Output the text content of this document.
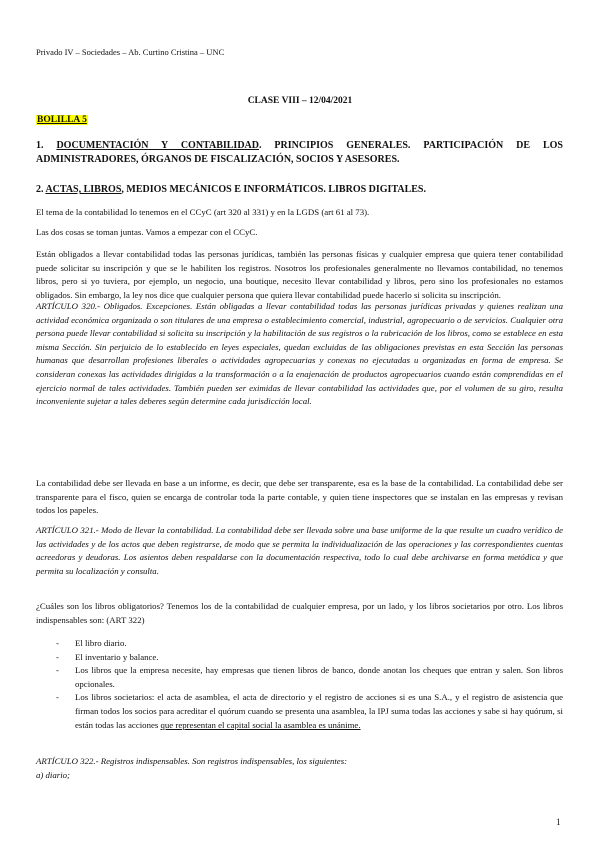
Privado IV – Sociedades – Ab. Curtino Cristina – UNC
CLASE VIII – 12/04/2021
BOLILLA 5
1. DOCUMENTACIÓN Y CONTABILIDAD. PRINCIPIOS GENERALES. PARTICIPACIÓN DE LOS ADMINISTRADORES, ÓRGANOS DE FISCALIZACIÓN, SOCIOS Y ASESORES.
2. ACTAS, LIBROS, MEDIOS MECÁNICOS E INFORMÁTICOS. LIBROS DIGITALES.
El tema de la contabilidad lo tenemos en el CCyC (art 320 al 331) y en la LGDS (art 61 al 73).
Las dos cosas se toman juntas. Vamos a empezar con el CCyC.
Están obligados a llevar contabilidad todas las personas jurídicas, también las personas físicas y cualquier empresa que quiera tener contabilidad puede solicitar su inscripción y que se le habiliten los registros. Nosotros los profesionales generalmente no llevamos contabilidad, no tenemos libros, pero si yo tuviera, por ejemplo, un negocio, una boutique, necesito llevar contabilidad y libros, pero sino los profesionales no estamos obligados. Sin embargo, la ley nos dice que cualquier persona que quiera llevar contabilidad puede hacerlo si solicita su inscripción.
ARTÍCULO 320.- Obligados. Excepciones. Están obligadas a llevar contabilidad todas las personas jurídicas privadas y quienes realizan una actividad económica organizada o son titulares de una empresa o establecimiento comercial, industrial, agropecuario o de servicios. Cualquier otra persona puede llevar contabilidad si solicita su inscripción y la habilitación de sus registros o la rubricación de los libros, como se establece en esta misma Sección. Sin perjuicio de lo establecido en leyes especiales, quedan excluidas de las obligaciones previstas en esta Sección las personas humanas que desarrollan profesiones liberales o actividades agropecuarias y conexas no ejecutadas u organizadas en forma de empresa. Se consideran conexas las actividades dirigidas a la transformación o a la enajenación de productos agropecuarios cuando están comprendidas en el ejercicio normal de tales actividades. También pueden ser eximidas de llevar contabilidad las actividades que, por el volumen de su giro, resulta inconveniente sujetar a tales deberes según determine cada jurisdicción local.
La contabilidad debe ser llevada en base a un informe, es decir, que debe ser transparente, esa es la base de la contabilidad. La contabilidad debe ser transparente para el fisco, quien se encarga de controlar toda la parte contable, y quien tiene inspectores que se instalan en las empresas y revisan todos los papeles.
ARTÍCULO 321.- Modo de llevar la contabilidad. La contabilidad debe ser llevada sobre una base uniforme de la que resulte un cuadro verídico de las actividades y de los actos que deben registrarse, de modo que se permita la individualización de las operaciones y las correspondientes cuentas acreedoras y deudoras. Los asientos deben respaldarse con la documentación respectiva, todo lo cual debe archivarse en forma metódica y que permita su localización y consulta.
¿Cuáles son los libros obligatorios? Tenemos los de la contabilidad de cualquier empresa, por un lado, y los libros societarios por otro. Los libros indispensables son: (ART 322)
- El libro diario.
- El inventario y balance.
- Los libros que la empresa necesite, hay empresas que tienen libros de banco, donde anotan los cheques que entran y salen. Son libros opcionales.
- Los libros societarios: el acta de asamblea, el acta de directorio y el registro de acciones si es una S.A., y el registro de asistencia que firman todos los socios para acreditar el quórum cuando se presenta una asamblea, la IPJ suma todas las acciones y sabe si hay quórum, si están todas las acciones que representan el capital social la asamblea es unánime.
ARTÍCULO 322.- Registros indispensables. Son registros indispensables, los siguientes:
a) diario;
1
